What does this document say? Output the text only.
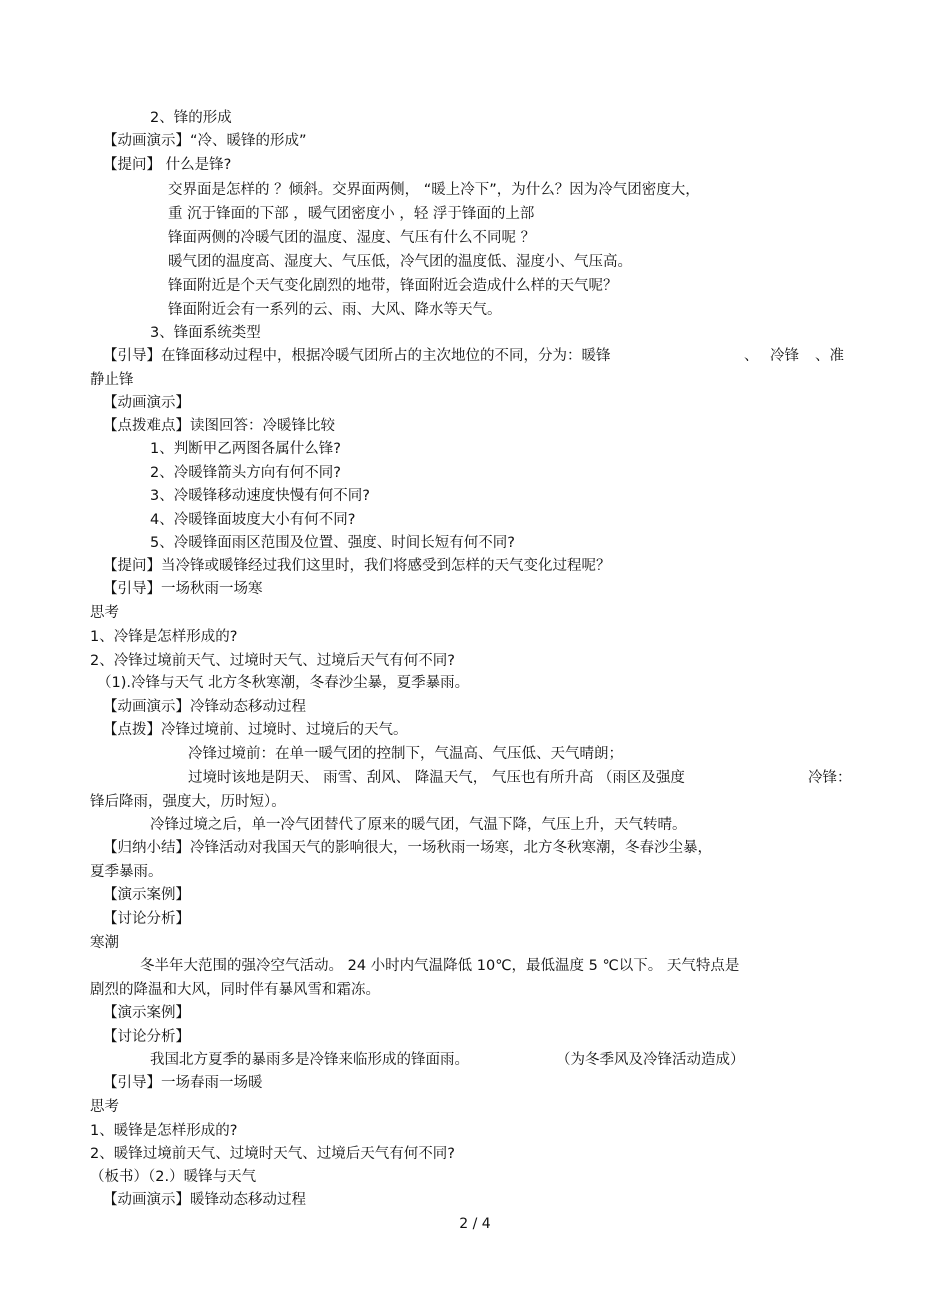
2、锋的形成
【动画演示】“冷、暖锋的形成”
【提问】 什么是锋?
交界面是怎样的 ？倾斜。交界面两侧， “暖上冷下”，为什么？因为冷气团密度大，
重 沉于锋面的下部 ，暖气团密度小 ，轻 浮于锋面的上部
锋面两侧的冷暖气团的温度、湿度、气压有什么不同呢 ？
暖气团的温度高、湿度大、气压低，冷气团的温度低、湿度小、气压高。
锋面附近是个天气变化剧烈的地带，锋面附近会造成什么样的天气呢？
锋面附近会有一系列的云、雨、大风、降水等天气。
3、锋面系统类型
【引导】在锋面移动过程中，根据冷暖气团所占的主次地位的不同，分为：暖锋	、 冷锋 、准
静止锋
【动画演示】
【点拨难点】读图回答：冷暖锋比较
1、判断甲乙两图各属什么锋?
2、冷暖锋箭头方向有何不同?
3、冷暖锋移动速度快慢有何不同?
4、冷暖锋面坡度大小有何不同?
5、冷暖锋面雨区范围及位置、强度、时间长短有何不同?
【提问】当冷锋或暖锋经过我们这里时，我们将感受到怎样的天气变化过程呢？
【引导】一场秋雨一场寒
思考
1、冷锋是怎样形成的?
2、冷锋过境前天气、过境时天气、过境后天气有何不同?
（1).冷锋与天气 北方冬秋寒潮，冬春沙尘暴，夏季暴雨。
【动画演示】冷锋动态移动过程
【点拨】冷锋过境前、过境时、过境后的天气。
冷锋过境前：在单一暖气团的控制下，气温高、气压低、天气晴朗；
过境时该地是阴天、 雨雪、刮风、 降温天气， 气压也有所升高 （雨区及强度	冷锋：
锋后降雨，强度大，历时短）。
冷锋过境之后，单一冷气团替代了原来的暖气团，气温下降，气压上升，天气转晴。
【归纳小结】冷锋活动对我国天气的影响很大，一场秋雨一场寒，北方冬秋寒潮，冬春沙尘暴，
夏季暴雨。
【演示案例】
【讨论分析】
寒潮
冬半年大范围的强冷空气活动。 24 小时内气温降低 10℃，最低温度 5 ℃以下。 天气特点是
剧烈的降温和大风，同时伴有暴风雪和霜冻。
【演示案例】
【讨论分析】
我国北方夏季的暴雨多是冷锋来临形成的锋面雨。	（为冬季风及冷锋活动造成）
【引导】一场春雨一场暖
思考
1、暖锋是怎样形成的?
2、暖锋过境前天气、过境时天气、过境后天气有何不同?
（板书）（2.）暖锋与天气
【动画演示】暖锋动态移动过程
2 / 4
